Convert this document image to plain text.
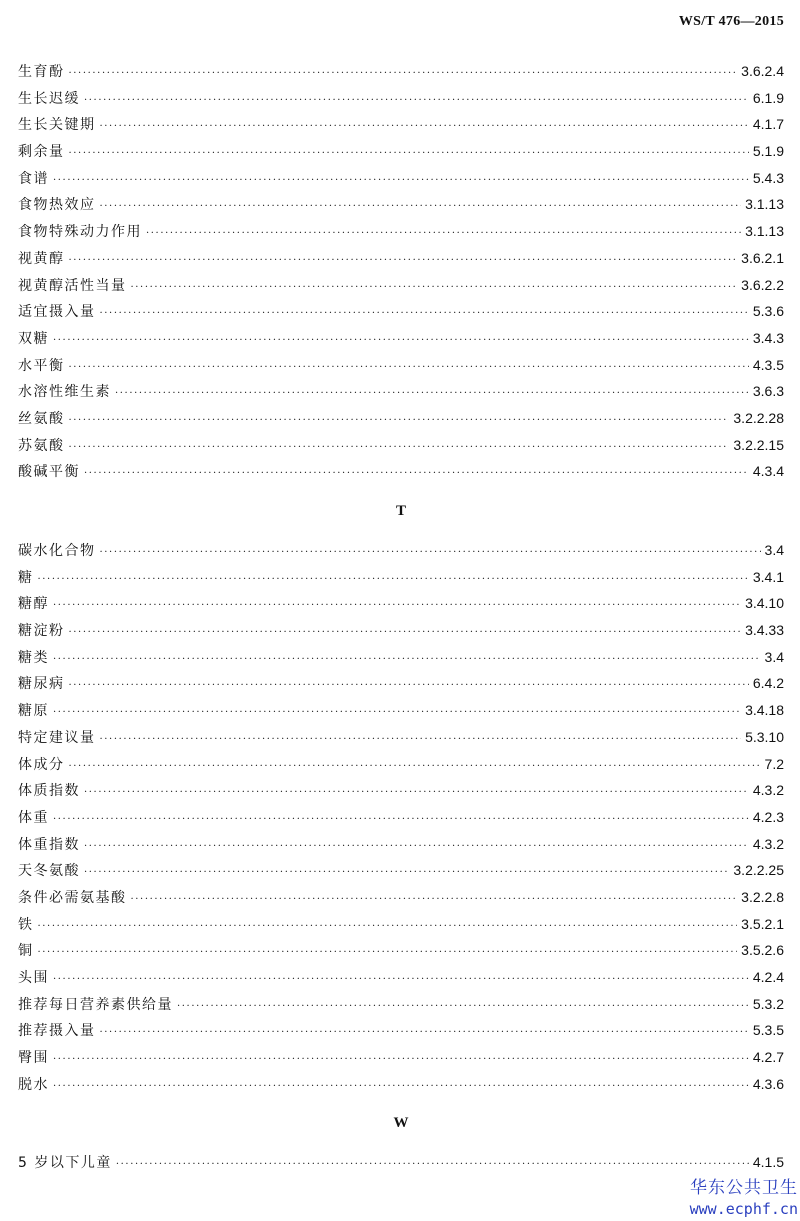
WS/T 476—2015
生育酚 ·····	3.6.2.4
生长迟缓 ·····	6.1.9
生长关键期 ·····	4.1.7
剩余量 ·····	5.1.9
食谱 ·····	5.4.3
食物热效应 ·····	3.1.13
食物特殊动力作用 ·····	3.1.13
视黄醇 ·····	3.6.2.1
视黄醇活性当量 ·····	3.6.2.2
适宜摄入量 ·····	5.3.6
双糖 ·····	3.4.3
水平衡 ·····	4.3.5
水溶性维生素 ·····	3.6.3
丝氨酸 ·····	3.2.2.28
苏氨酸 ·····	3.2.2.15
酸碱平衡 ·····	4.3.4
T
碳水化合物 ·····	3.4
糖 ·····	3.4.1
糖醇 ·····	3.4.10
糖淀粉 ·····	3.4.33
糖类 ·····	3.4
糖尿病 ·····	6.4.2
糖原 ·····	3.4.18
特定建议量 ·····	5.3.10
体成分 ·····	7.2
体质指数 ·····	4.3.2
体重 ·····	4.2.3
体重指数 ·····	4.3.2
天冬氨酸 ·····	3.2.2.25
条件必需氨基酸 ·····	3.2.2.8
铁 ·····	3.5.2.1
铜 ·····	3.5.2.6
头围 ·····	4.2.4
推荐每日营养素供给量 ·····	5.3.2
推荐摄入量 ·····	5.3.5
臀围 ·····	4.2.7
脱水 ·····	4.3.6
W
5 岁以下儿童 ·····	4.1.5
华东公共卫生
www.ecphf.cn
